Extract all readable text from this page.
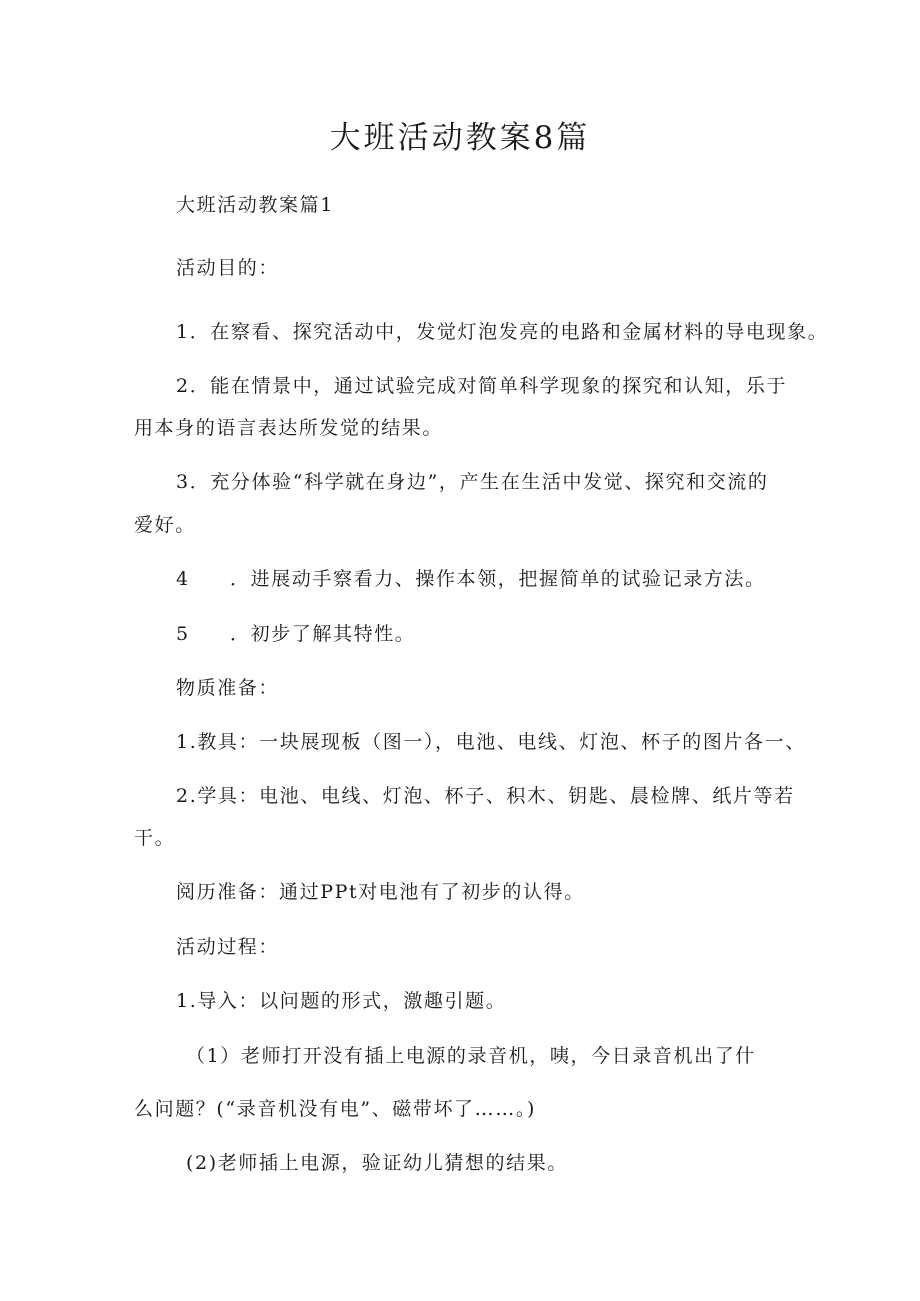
大班活动教案8篇
大班活动教案篇1
活动目的：
1．在察看、探究活动中，发觉灯泡发亮的电路和金属材料的导电现象。
2．能在情景中，通过试验完成对简单科学现象的探究和认知，乐于
用本身的语言表达所发觉的结果。
3．充分体验“科学就在身边”，产生在生活中发觉、探究和交流的
爱好。
4 ．进展动手察看力、操作本领，把握简单的试验记录方法。
5 ．初步了解其特性。
物质准备：
1.教具：一块展现板（图一），电池、电线、灯泡、杯子的图片各一、
2.学具：电池、电线、灯泡、杯子、积木、钥匙、晨检牌、纸片等若
干。
阅历准备：通过PPt对电池有了初步的认得。
活动过程：
1.导入：以问题的形式，激趣引题。
（1）老师打开没有插上电源的录音机，咦，今日录音机出了什
么问题？(“录音机没有电”、磁带坏了……。)
(2)老师插上电源，验证幼儿猜想的结果。
